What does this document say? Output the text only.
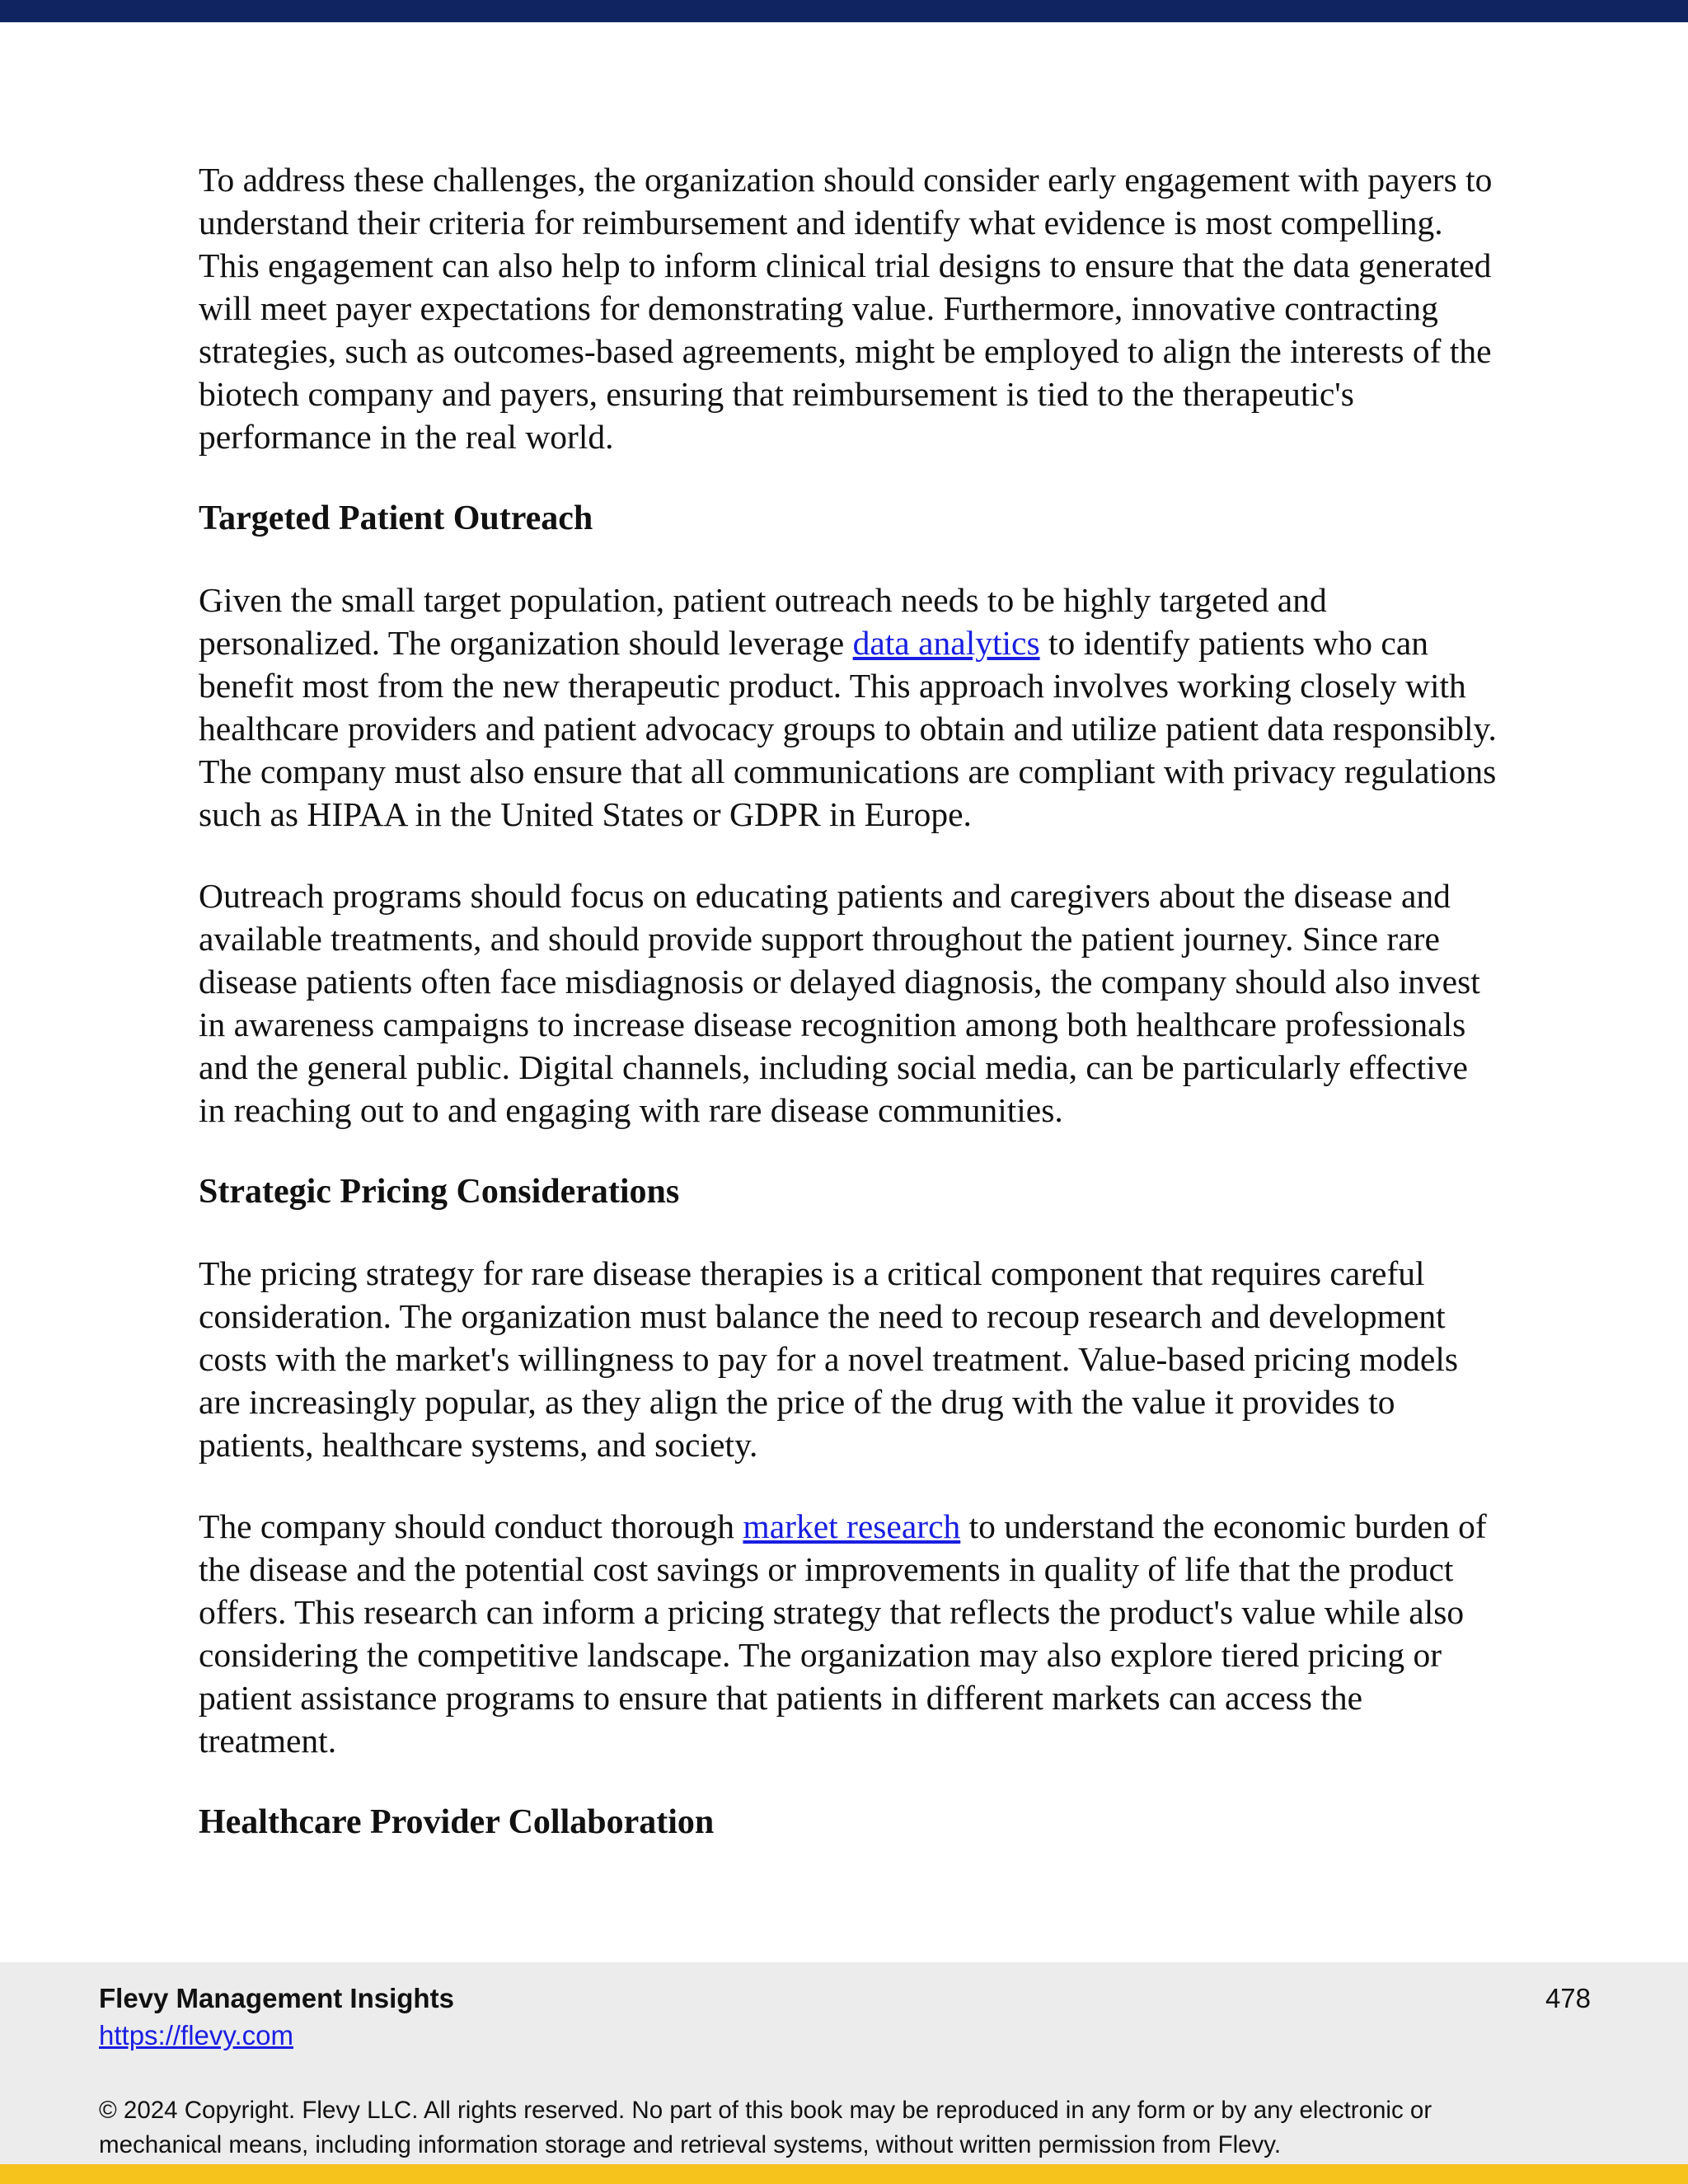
To address these challenges, the organization should consider early engagement with payers to understand their criteria for reimbursement and identify what evidence is most compelling. This engagement can also help to inform clinical trial designs to ensure that the data generated will meet payer expectations for demonstrating value. Furthermore, innovative contracting strategies, such as outcomes-based agreements, might be employed to align the interests of the biotech company and payers, ensuring that reimbursement is tied to the therapeutic's performance in the real world.

Targeted Patient Outreach

Given the small target population, patient outreach needs to be highly targeted and personalized. The organization should leverage data analytics to identify patients who can benefit most from the new therapeutic product. This approach involves working closely with healthcare providers and patient advocacy groups to obtain and utilize patient data responsibly. The company must also ensure that all communications are compliant with privacy regulations such as HIPAA in the United States or GDPR in Europe.

Outreach programs should focus on educating patients and caregivers about the disease and available treatments, and should provide support throughout the patient journey. Since rare disease patients often face misdiagnosis or delayed diagnosis, the company should also invest in awareness campaigns to increase disease recognition among both healthcare professionals and the general public. Digital channels, including social media, can be particularly effective in reaching out to and engaging with rare disease communities.

Strategic Pricing Considerations

The pricing strategy for rare disease therapies is a critical component that requires careful consideration. The organization must balance the need to recoup research and development costs with the market's willingness to pay for a novel treatment. Value-based pricing models are increasingly popular, as they align the price of the drug with the value it provides to patients, healthcare systems, and society.

The company should conduct thorough market research to understand the economic burden of the disease and the potential cost savings or improvements in quality of life that the product offers. This research can inform a pricing strategy that reflects the product's value while also considering the competitive landscape. The organization may also explore tiered pricing or patient assistance programs to ensure that patients in different markets can access the treatment.

Healthcare Provider Collaboration
Flevy Management Insights
https://flevy.com
478
© 2024 Copyright. Flevy LLC. All rights reserved. No part of this book may be reproduced in any form or by any electronic or mechanical means, including information storage and retrieval systems, without written permission from Flevy.
